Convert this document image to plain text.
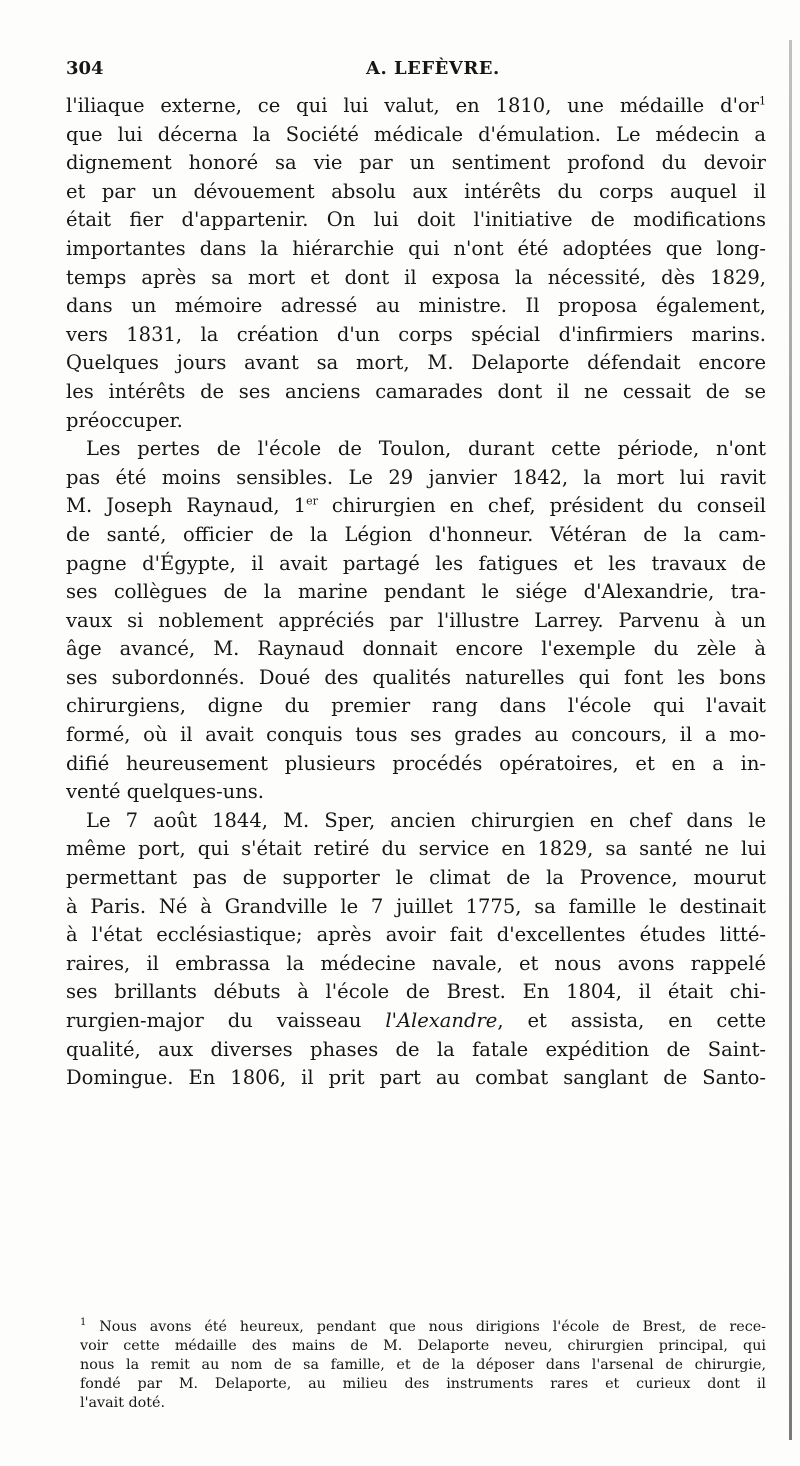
304	A. LEFÈVRE.

l'iliaque externe, ce qui lui valut, en 1810, une médaille d'or$^1$

que lui décerna la Société médicale d'émulation. Le médecin a

dignement honoré sa vie par un sentiment profond du devoir

et par un dévouement absolu aux intérêts du corps auquel il

était fier d'appartenir. On lui doit l'initiative de modifications

importantes dans la hiérarchie qui n'ont été adoptées que long-

temps après sa mort et dont il exposa la nécessité, dès 1829,

dans un mémoire adressé au ministre. Il proposa également,

vers 1831, la création d'un corps spécial d'infirmiers marins.

Quelques jours avant sa mort, M. Delaporte défendait encore

les intérêts de ses anciens camarades dont il ne cessait de se

préoccuper.

Les pertes de l'école de Toulon, durant cette période, n'ont

pas été moins sensibles. Le 29 janvier 1842, la mort lui ravit

M. Joseph Raynaud, 1er chirurgien en chef, président du conseil

de santé, officier de la Légion d'honneur. Vétéran de la cam-

pagne d'Égypte, il avait partagé les fatigues et les travaux de

ses collègues de la marine pendant le siége d'Alexandrie, tra-

vaux si noblement appréciés par l'illustre Larrey. Parvenu à un

âge avancé, M. Raynaud donnait encore l'exemple du zèle à

ses subordonnés. Doué des qualités naturelles qui font les bons

chirurgiens, digne du premier rang dans l'école qui l'avait

formé, où il avait conquis tous ses grades au concours, il a mo-

difié heureusement plusieurs procédés opératoires, et en a in-

venté quelques-uns.

Le 7 août 1844, M. Sper, ancien chirurgien en chef dans le

même port, qui s'était retiré du service en 1829, sa santé ne lui

permettant pas de supporter le climat de la Provence, mourut

à Paris. Né à Grandville le 7 juillet 1775, sa famille le destinait

à l'état ecclésiastique; après avoir fait d'excellentes études litté-

raires, il embrassa la médecine navale, et nous avons rappelé

ses brillants débuts à l'école de Brest. En 1804, il était chi-

rurgien-major du vaisseau l'Alexandre, et assista, en cette

qualité, aux diverses phases de la fatale expédition de Saint-

Domingue. En 1806, il prit part au combat sanglant de Santo-

$^1$ Nous avons été heureux, pendant que nous dirigions l'école de Brest, de rece-

voir cette médaille des mains de M. Delaporte neveu, chirurgien principal, qui

nous la remit au nom de sa famille, et de la déposer dans l'arsenal de chirurgie,

fondé par M. Delaporte, au milieu des instruments rares et curieux dont il

l'avait doté.
